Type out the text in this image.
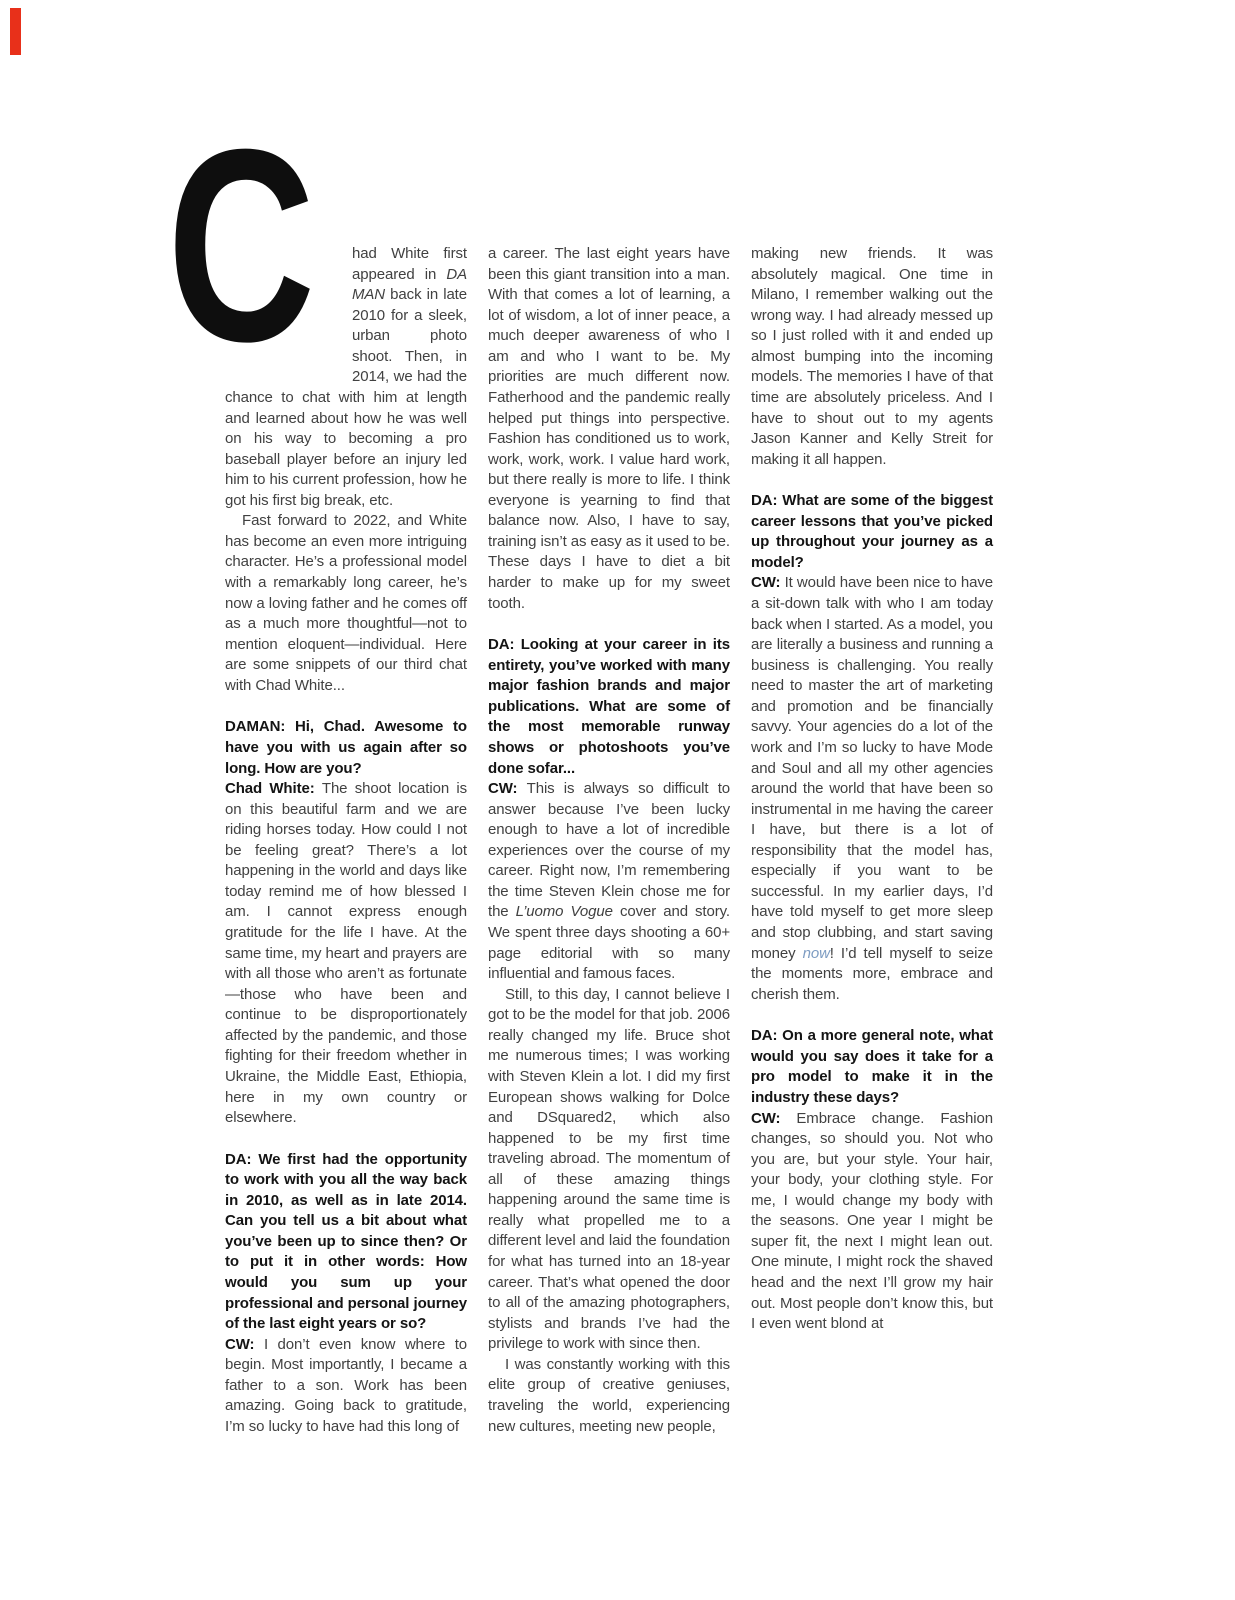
C had White first appeared in DA MAN back in late 2010 for a sleek, urban photo shoot. Then, in 2014, we had the chance to chat with him at length and learned about how he was well on his way to becoming a pro baseball player before an injury led him to his current profession, how he got his first big break, etc.

Fast forward to 2022, and White has become an even more intriguing character. He’s a professional model with a remarkably long career, he’s now a loving father and he comes off as a much more thoughtful—not to mention eloquent—individual. Here are some snippets of our third chat with Chad White...

DAMAN: Hi, Chad. Awesome to have you with us again after so long. How are you?

Chad White: The shoot location is on this beautiful farm and we are riding horses today. How could I not be feeling great? There’s a lot happening in the world and days like today remind me of how blessed I am. I cannot express enough gratitude for the life I have. At the same time, my heart and prayers are with all those who aren’t as fortunate—those who have been and continue to be disproportionately affected by the pandemic, and those fighting for their freedom whether in Ukraine, the Middle East, Ethiopia, here in my own country or elsewhere.

DA: We first had the opportunity to work with you all the way back in 2010, as well as in late 2014. Can you tell us a bit about what you’ve been up to since then? Or to put it in other words: How would you sum up your professional and personal journey of the last eight years or so?

CW: I don’t even know where to begin. Most importantly, I became a father to a son. Work has been amazing. Going back to gratitude, I’m so lucky to have had this long of

a career. The last eight years have been this giant transition into a man. With that comes a lot of learning, a lot of wisdom, a lot of inner peace, a much deeper awareness of who I am and who I want to be. My priorities are much different now. Fatherhood and the pandemic really helped put things into perspective. Fashion has conditioned us to work, work, work, work. I value hard work, but there really is more to life. I think everyone is yearning to find that balance now. Also, I have to say, training isn’t as easy as it used to be. These days I have to diet a bit harder to make up for my sweet tooth.

DA: Looking at your career in its entirety, you’ve worked with many major fashion brands and major publications. What are some of the most memorable runway shows or photoshoots you’ve done sofar...

CW: This is always so difficult to answer because I’ve been lucky enough to have a lot of incredible experiences over the course of my career. Right now, I’m remembering the time Steven Klein chose me for the L’uomo Vogue cover and story. We spent three days shooting a 60+ page editorial with so many influential and famous faces.

Still, to this day, I cannot believe I got to be the model for that job. 2006 really changed my life. Bruce shot me numerous times; I was working with Steven Klein a lot. I did my first European shows walking for Dolce and DSquared2, which also happened to be my first time traveling abroad. The momentum of all of these amazing things happening around the same time is really what propelled me to a different level and laid the foundation for what has turned into an 18-year career. That’s what opened the door to all of the amazing photographers, stylists and brands I’ve had the privilege to work with since then.

I was constantly working with this elite group of creative geniuses, traveling the world, experiencing new cultures, meeting new people,

making new friends. It was absolutely magical. One time in Milano, I remember walking out the wrong way. I had already messed up so I just rolled with it and ended up almost bumping into the incoming models. The memories I have of that time are absolutely priceless. And I have to shout out to my agents Jason Kanner and Kelly Streit for making it all happen.

DA: What are some of the biggest career lessons that you’ve picked up throughout your journey as a model?

CW: It would have been nice to have a sit-down talk with who I am today back when I started. As a model, you are literally a business and running a business is challenging. You really need to master the art of marketing and promotion and be financially savvy. Your agencies do a lot of the work and I’m so lucky to have Mode and Soul and all my other agencies around the world that have been so instrumental in me having the career I have, but there is a lot of responsibility that the model has, especially if you want to be successful. In my earlier days, I’d have told myself to get more sleep and stop clubbing, and start saving money now! I’d tell myself to seize the moments more, embrace and cherish them.

DA: On a more general note, what would you say does it take for a pro model to make it in the industry these days?

CW: Embrace change. Fashion changes, so should you. Not who you are, but your style. Your hair, your body, your clothing style. For me, I would change my body with the seasons. One year I might be super fit, the next I might lean out. One minute, I might rock the shaved head and the next I’ll grow my hair out. Most people don’t know this, but I even went blond at
